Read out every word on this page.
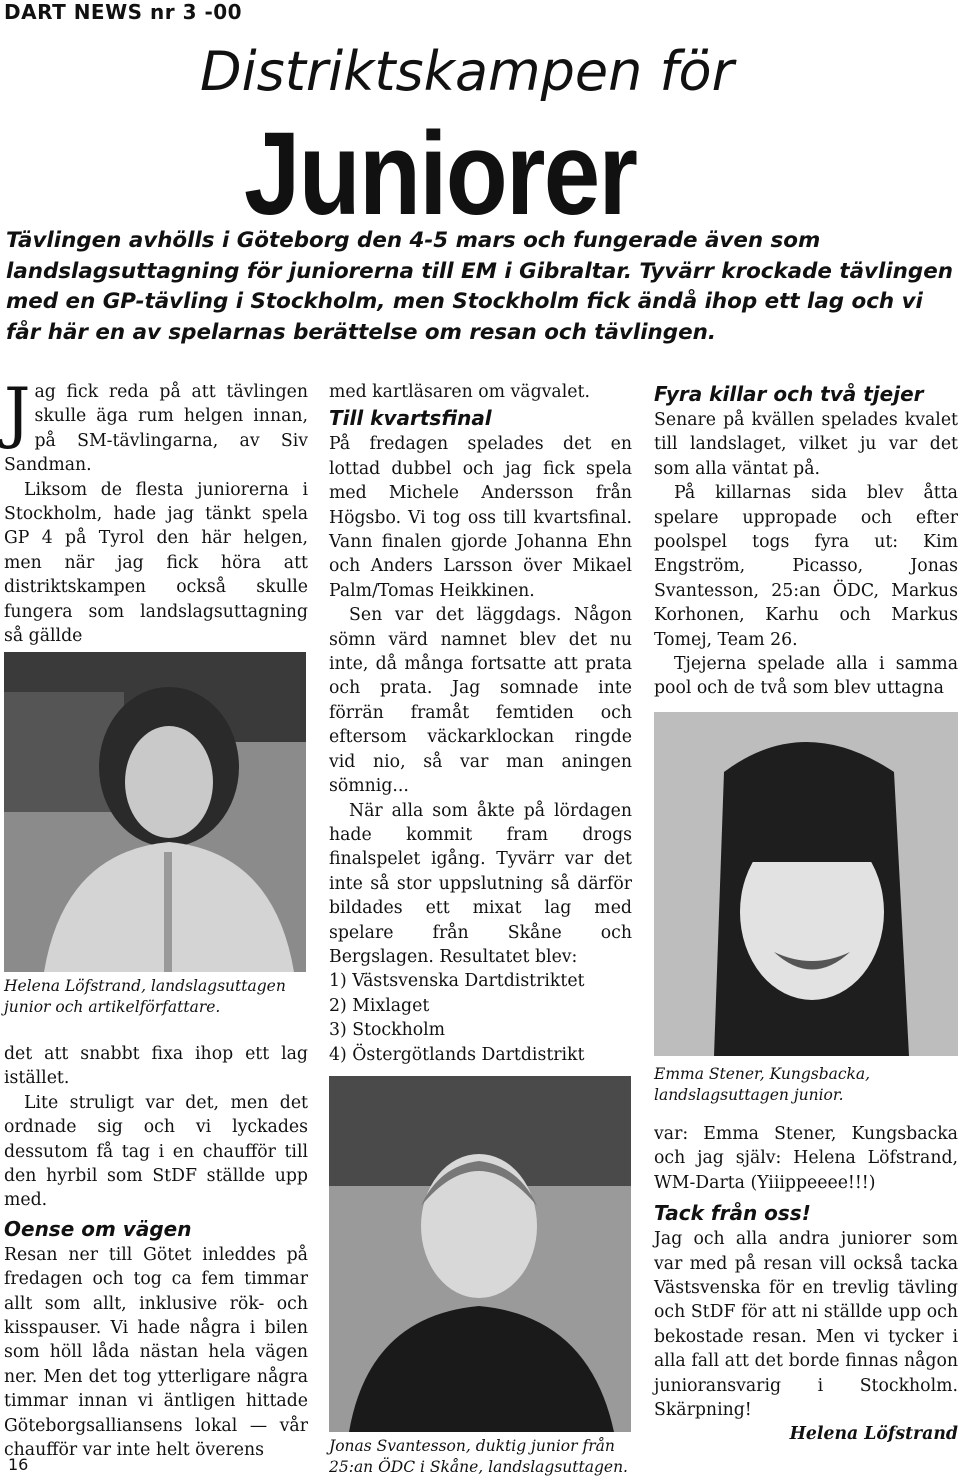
DART NEWS nr 3 -00
Distriktskampen för
Juniorer
Tävlingen avhölls i Göteborg den 4-5 mars och fungerade även som landslagsuttagning för juniorerna till EM i Gibraltar. Tyvärr krockade tävlingen med en GP-tävling i Stockholm, men Stockholm fick ändå ihop ett lag och vi får här en av spelarnas berättelse om resan och tävlingen.
J ag fick reda på att tävlingen skulle äga rum helgen innan, på SM-tävlingarna, av Siv Sandman.

Liksom de flesta juniorerna i Stockholm, hade jag tänkt spela GP 4 på Tyrol den här helgen, men när jag fick höra att distriktskampen också skulle fungera som landslagsuttagning så gällde

Helena Löfstrand, landslagsuttagen junior och artikelförfattare.

det att snabbt fixa ihop ett lag istället.

Lite struligt var det, men det ordnade sig och vi lyckades dessutom få tag i en chaufför till den hyrbil som StDF ställde upp med.

Oense om vägen

Resan ner till Götet inleddes på fredagen och tog ca fem timmar allt som allt, inklusive rök- och kisspauser. Vi hade några i bilen som höll låda nästan hela vägen ner. Men det tog ytterligare några timmar innan vi äntligen hittade Göteborgsalliansens lokal — vår chaufför var inte helt överens

med kartläsaren om vägvalet.

Till kvartsfinal

På fredagen spelades det en lottad dubbel och jag fick spela med Michele Andersson från Högsbo. Vi tog oss till kvartsfinal. Vann finalen gjorde Johanna Ehn och Anders Larsson över Mikael Palm/Tomas Heikkinen.

Sen var det läggdags. Någon sömn värd namnet blev det nu inte, då många fortsatte att prata och prata. Jag somnade inte förrän framåt femtiden och eftersom väckarklockan ringde vid nio, så var man aningen sömnig...

När alla som åkte på lördagen hade kommit fram drogs finalspelet igång. Tyvärr var det inte så stor uppslutning så därför bildades ett mixat lag med spelare från Skåne och Bergslagen. Resultatet blev:

1) Västsvenska Dartdistriktet
2) Mixlaget
3) Stockholm
4) Östergötlands Dartdistrikt
Jonas Svantesson, duktig junior från 25:an ÖDC i Skåne, landslagsuttagen.

Fyra killar och två tjejer

Senare på kvällen spelades kvalet till landslaget, vilket ju var det som alla väntat på.

På killarnas sida blev åtta spelare uppropade och efter poolspel togs fyra ut: Kim Engström, Picasso, Jonas Svantesson, 25:an ÖDC, Markus Korhonen, Karhu och Markus Tomej, Team 26.

Tjejerna spelade alla i samma pool och de två som blev uttagna

Emma Stener, Kungsbacka, landslagsuttagen junior.

var: Emma Stener, Kungsbacka och jag själv: Helena Löfstrand, WM-Darta (Yiiippeeee!!!)

Tack från oss!

Jag och alla andra juniorer som var med på resan vill också tacka Västsvenska för en trevlig tävling och StDF för att ni ställde upp och bekostade resan. Men vi tycker i alla fall att det borde finnas någon junioransvarig i Stockholm. Skärpning!

Helena Löfstrand

16
